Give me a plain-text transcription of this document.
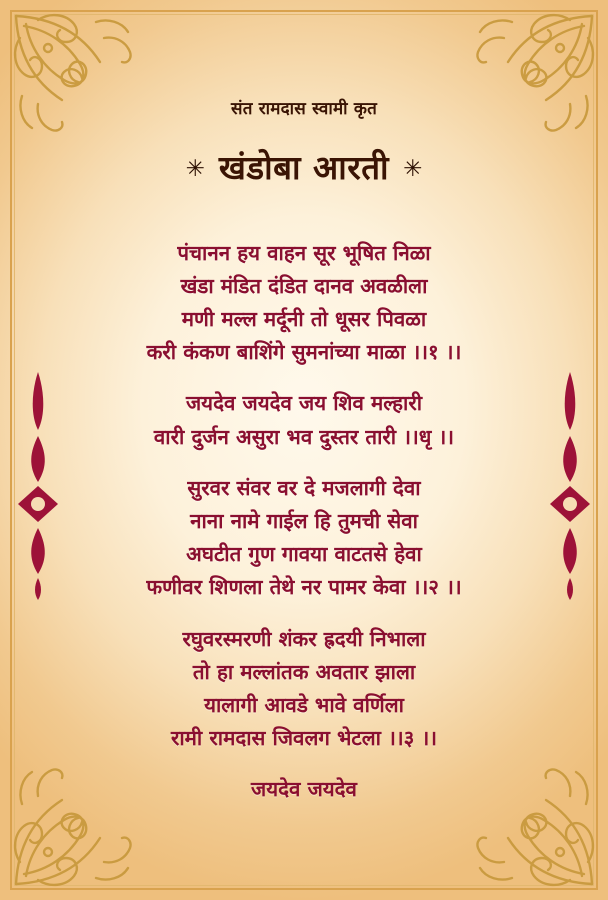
संत रामदास स्वामी कृत
✳ खंडोबा आरती ✳
पंचानन हय वाहन सूर भूषित निळा
खंडा मंडित दंडित दानव अवळीला
मणी मल्ल मर्दूनी तो धूसर पिवळा
करी कंकण बाशिंगे सुमनांच्या माळा ।।१ ।।
जयदेव जयदेव जय शिव मल्हारी
वारी दुर्जन असुरा भव दुस्तर तारी ।।धृ ।।
सुरवर संवर वर दे मजलागी देवा
नाना नामे गाईल हि तुमची सेवा
अघटीत गुण गावया वाटतसे हेवा
फणीवर शिणला तेथे नर पामर केवा ।।२ ।।
रघुवरस्मरणी शंकर ह्रदयी निभाला
तो हा मल्लांतक अवतार झाला
यालागी आवडे भावे वर्णिला
रामी रामदास जिवलग भेटला ।।३ ।।
जयदेव जयदेव
